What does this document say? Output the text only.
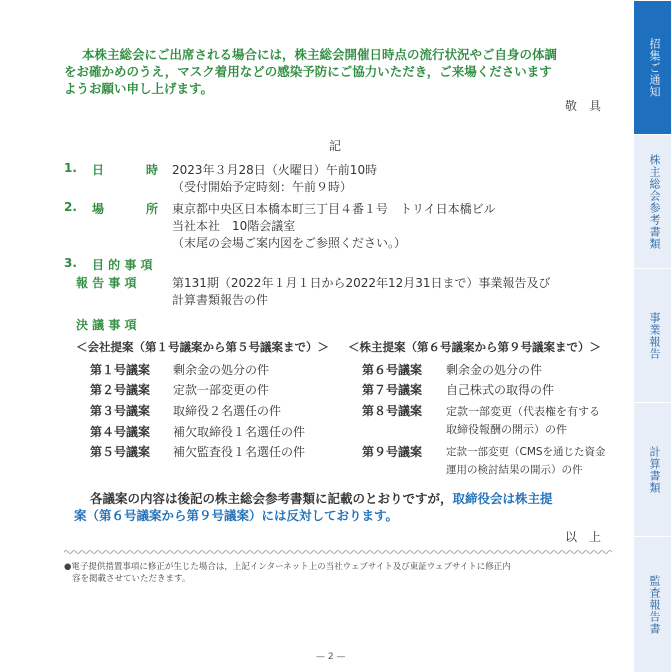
本株主総会にご出席される場合には，株主総会開催日時点の流行状況やご自身の体調
をお確かめのうえ，マスク着用などの感染予防にご協力いただき，ご来場くださいます
ようお願い申し上げます。
敬　具
記
1. 日	時 2023年３月28日（火曜日）午前10時
（受付開始予定時刻：午前９時）
2. 場	所 東京都中央区日本橋本町三丁目４番１号　トリイ日本橋ビル
当社本社　10階会議室
（末尾の会場ご案内図をご参照ください。）
3. 目 的 事 項
報 告 事 項	第131期（2022年１月１日から2022年12月31日まで）事業報告及び
計算書類報告の件
決 議 事 項
＜会社提案（第１号議案から第５号議案まで）＞ ＜株主提案（第６号議案から第９号議案まで）＞
第１号議案 剰余金の処分の件
第２号議案 定款一部変更の件
第３号議案 取締役２名選任の件
第４号議案 補欠取締役１名選任の件
第５号議案 補欠監査役１名選任の件
第６号議案 剰余金の処分の件
第７号議案 自己株式の取得の件
第８号議案 定款一部変更（代表権を有する
取締役報酬の開示）の件
第９号議案 定款一部変更（CMSを通じた資金
運用の検討結果の開示）の件
各議案の内容は後記の株主総会参考書類に記載のとおりですが，取締役会は株主提
案（第６号議案から第９号議案）には反対しております。
以　上
●電子提供措置事項に修正が生じた場合は，上記インターネット上の当社ウェブサイト及び東証ウェブサイトに修正内
容を掲載させていただきます。
— 2 —
招集ご通知
株主総会参考書類
事業報告
計算書類
監査報告書
